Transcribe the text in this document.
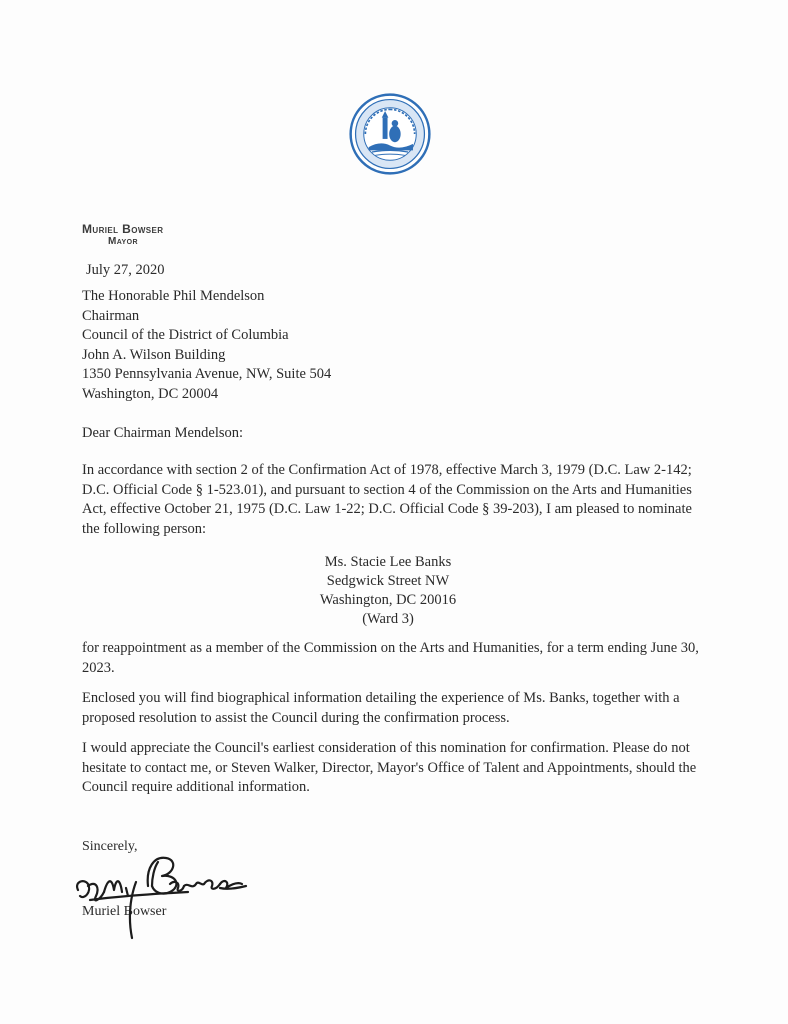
Muriel Bowser
Mayor
July 27, 2020
The Honorable Phil Mendelson
Chairman
Council of the District of Columbia
John A. Wilson Building
1350 Pennsylvania Avenue, NW, Suite 504
Washington, DC 20004
Dear Chairman Mendelson:
In accordance with section 2 of the Confirmation Act of 1978, effective March 3, 1979 (D.C. Law 2-142; D.C. Official Code § 1-523.01), and pursuant to section 4 of the Commission on the Arts and Humanities Act, effective October 21, 1975 (D.C. Law 1-22; D.C. Official Code § 39-203), I am pleased to nominate the following person:
Ms. Stacie Lee Banks
Sedgwick Street NW
Washington, DC 20016
(Ward 3)
for reappointment as a member of the Commission on the Arts and Humanities, for a term ending June 30, 2023.
Enclosed you will find biographical information detailing the experience of Ms. Banks, together with a proposed resolution to assist the Council during the confirmation process.
I would appreciate the Council's earliest consideration of this nomination for confirmation. Please do not hesitate to contact me, or Steven Walker, Director, Mayor's Office of Talent and Appointments, should the Council require additional information.
Sincerely,
Muriel Bowser
